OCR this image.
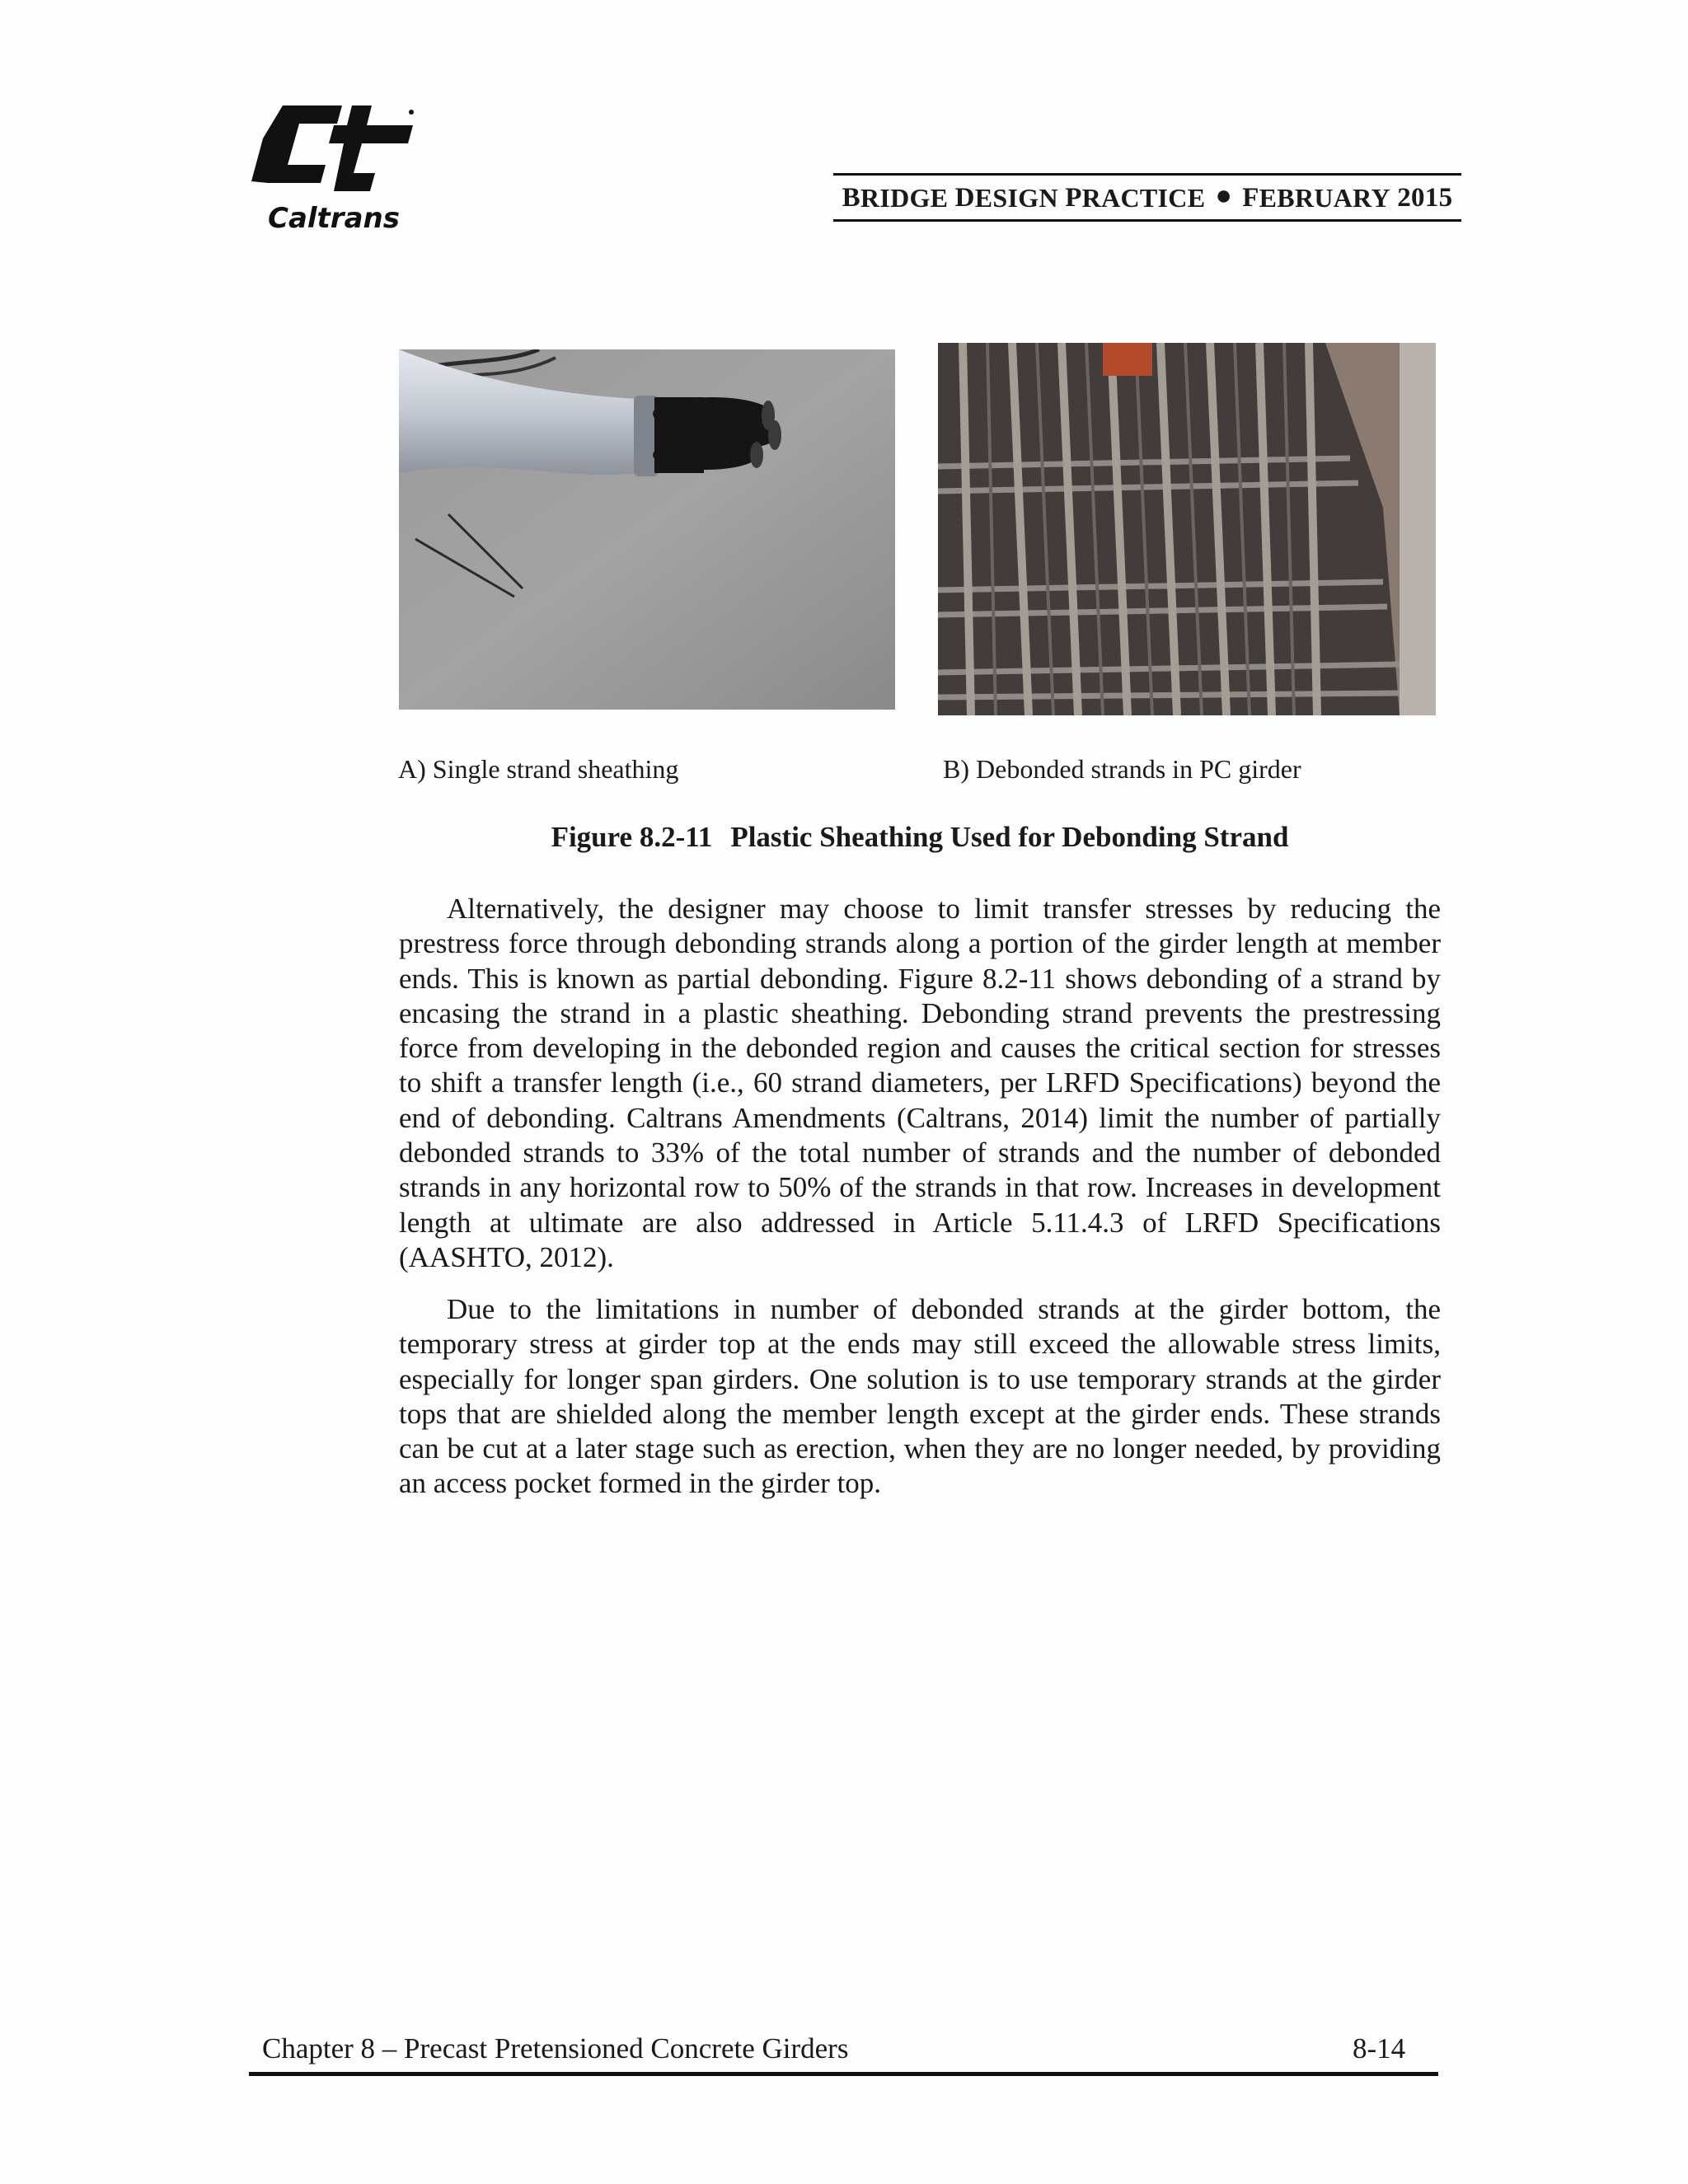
Caltrans
B RIDGE
D ESIGN
P RACTICE ● F EBRUARY
2015
A) Single strand sheathing	B) Debonded strands in PC girder
Figure 8.2-11 Plastic Sheathing Used for Debonding Strand

Alternatively, the designer may choose to limit transfer stresses by reducing the prestress force through debonding strands along a portion of the girder length at member ends. This is known as partial debonding. Figure 8.2-11 shows debonding of a strand by encasing the strand in a plastic sheathing. Debonding strand prevents the prestressing force from developing in the debonded region and causes the critical section for stresses to shift a transfer length (i.e., 60 strand diameters, per LRFD Specifications) beyond the end of debonding. Caltrans Amendments (Caltrans, 2014) limit the number of partially debonded strands to 33% of the total number of strands and the number of debonded strands in any horizontal row to 50% of the strands in that row. Increases in development length at ultimate are also addressed in Article 5.11.4.3 of LRFD Specifications (AASHTO, 2012).

Due to the limitations in number of debonded strands at the girder bottom, the temporary stress at girder top at the ends may still exceed the allowable stress limits, especially for longer span girders. One solution is to use temporary strands at the girder tops that are shielded along the member length except at the girder ends. These strands can be cut at a later stage such as erection, when they are no longer needed, by providing an access pocket formed in the girder top.

Chapter 8 – Precast Pretensioned Concrete Girders	8-14
